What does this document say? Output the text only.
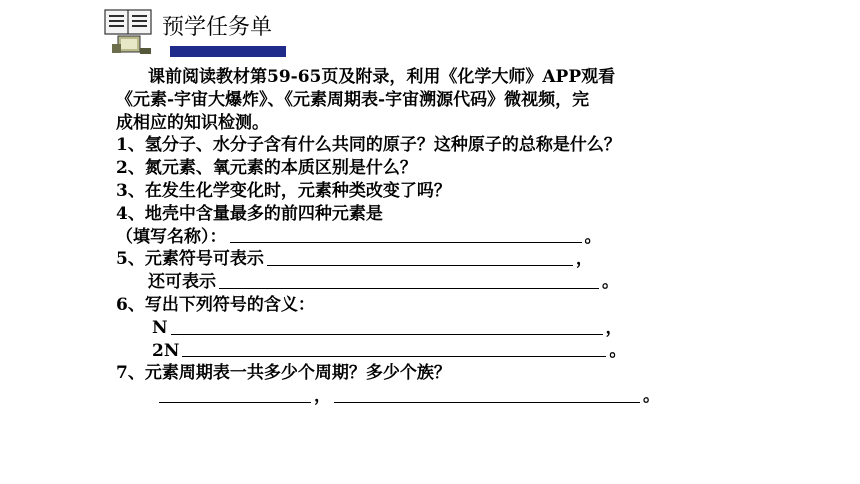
预学任务单
课前阅读教材第59-65页及附录，利用《化学大师》APP观看
《元素-宇宙大爆炸》、《元素周期表-宇宙溯源代码》微视频，完
成相应的知识检测。
1、氢分子、水分子含有什么共同的原子？这种原子的总称是什么？
2、氮元素、氧元素的本质区别是什么？
3、在发生化学变化时，元素种类改变了吗？
4、地壳中含量最多的前四种元素是
（填写名称）：	。
5、元素符号可表示	，
还可表示	。
6、写出下列符号的含义：
N	，
2N	。
7、元素周期表一共多少个周期？多少个族？
，	。
